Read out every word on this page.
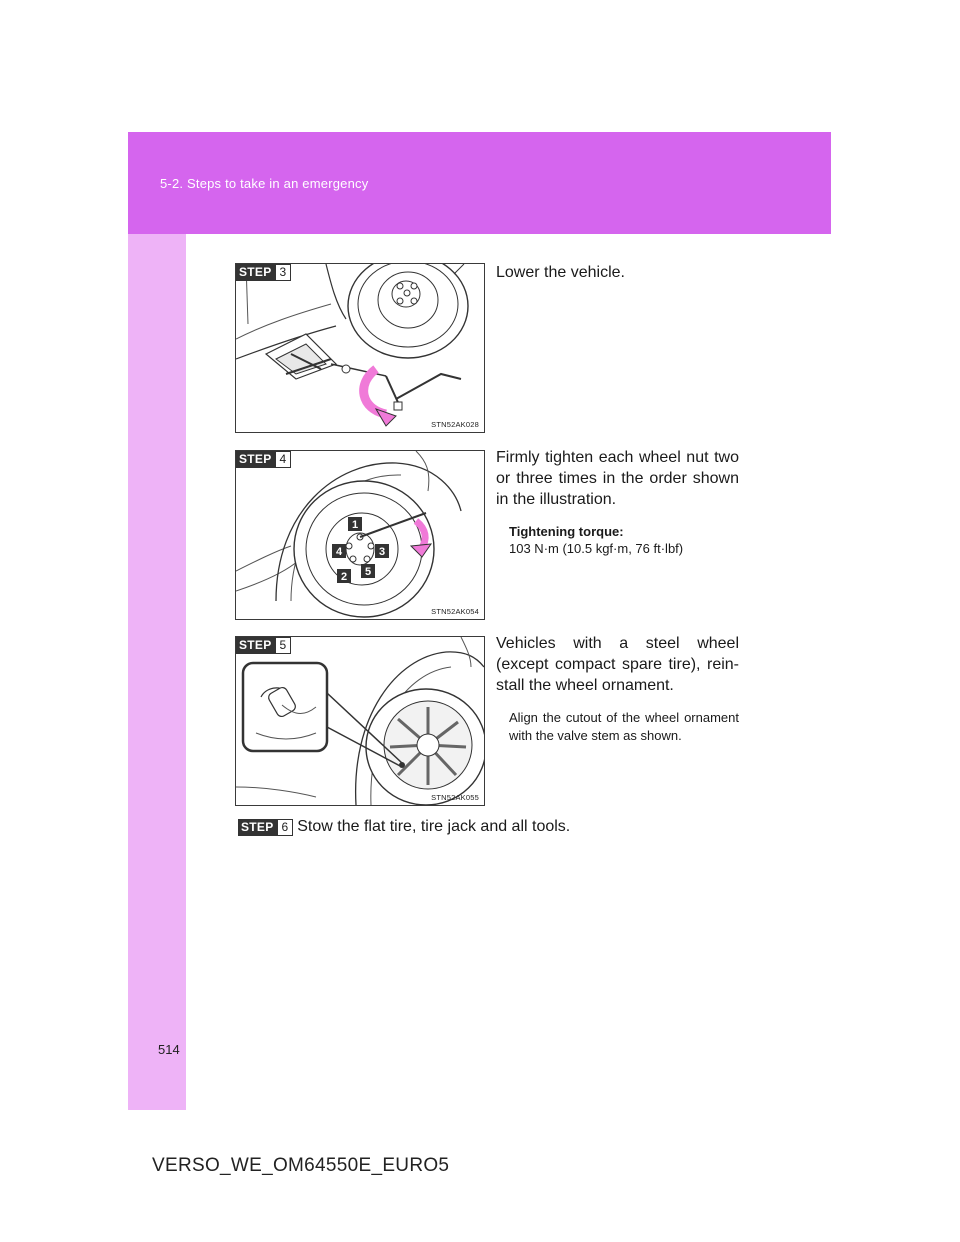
5-2. Steps to take in an emergency
STN52AK028
STEP 3	Lower the vehicle.
1
4	3
2 5
STN52AK054
STEP 4	Firmly tighten each wheel nut two or three times in the order shown in the illustration.
Tightening torque:
103 N·m (10.5 kgf·m, 76 ft·lbf)
STN52AK055
STEP 5	Vehicles with a steel wheel (except compact spare tire), rein-stall the wheel ornament.
Align the cutout of the wheel ornament with the valve stem as shown.
STEP 6 Stow the flat tire, tire jack and all tools.
514
VERSO_WE_OM64550E_EURO5
